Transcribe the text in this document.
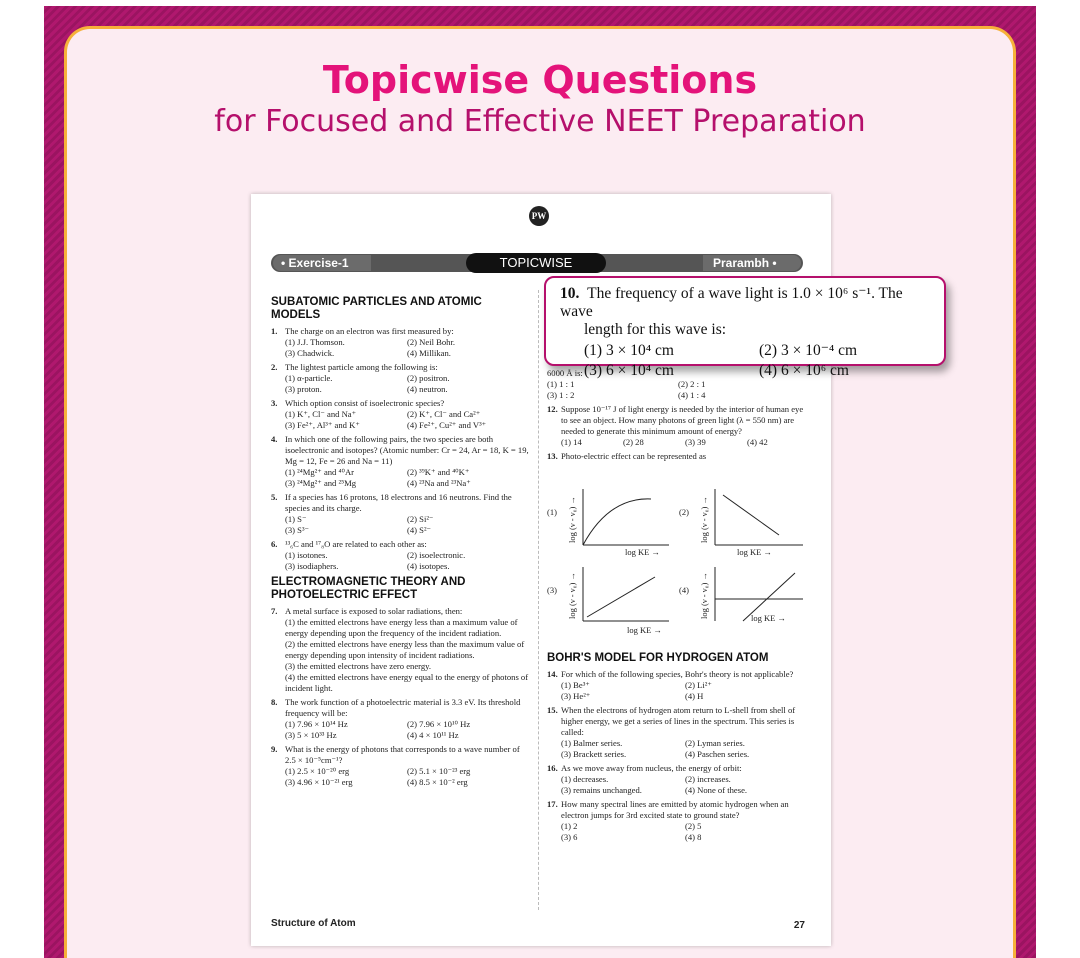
Topicwise Questions
for Focused and Effective NEET Preparation
PW
• Exercise-1	TOPICWISE	Prarambh •
SUBATOMIC PARTICLES AND ATOMIC MODELS
1. The charge on an electron was first measured by:
(1) J.J. Thomson.	(2) Neil Bohr.
(3) Chadwick.	(4) Millikan.
2. The lightest particle among the following is:
(1) α-particle.	(2) positron.
(3) proton.	(4) neutron.
3. Which option consist of isoelectronic species?
(1) K⁺, Cl⁻ and Na⁺	(2) K⁺, Cl⁻ and Ca²⁺
(3) Fe²⁺, Al³⁺ and K⁺	(4) Fe²⁺, Cu²⁺ and V³⁺
4. In which one of the following pairs, the two species are both isoelectronic and isotopes? (Atomic number: Cr = 24, Ar = 18, K = 19, Mg = 12, Fe = 26 and Na = 11)
(1) ²⁴Mg²⁺ and ⁴⁰Ar	(2) ³⁹K⁺ and ⁴⁰K⁺
(3) ²⁴Mg²⁺ and ²⁵Mg	(4) ²³Na and ²³Na⁺
5. If a species has 16 protons, 18 electrons and 16 neutrons. Find the species and its charge.
(1) S⁻	(2) Si²⁻
(3) S³⁻	(4) S²⁻
6. ¹³₆C and ¹⁷₈O are related to each other as:
(1) isotones.	(2) isoelectronic.
(3) isodiaphers.	(4) isotopes.
ELECTROMAGNETIC THEORY AND PHOTOELECTRIC EFFECT
7. A metal surface is exposed to solar radiations, then:
(1) the emitted electrons have energy less than a maximum value of energy depending upon the frequency of the incident radiation.
(2) the emitted electrons have energy less than the maximum value of energy depending upon intensity of incident radiations.
(3) the emitted electrons have zero energy.
(4) the emitted electrons have energy equal to the energy of photons of incident light.
8. The work function of a photoelectric material is 3.3 eV. Its threshold frequency will be:
(1) 7.96 × 10¹⁴ Hz	(2) 7.96 × 10¹⁰ Hz
(3) 5 × 10³³ Hz	(4) 4 × 10¹¹ Hz
9. What is the energy of photons that corresponds to a wave number of 2.5 × 10⁻⁵cm⁻¹?
(1) 2.5 × 10⁻²⁰ erg	(2) 5.1 × 10⁻²³ erg
(3) 4.96 × 10⁻²¹ erg	(4) 8.5 × 10⁻² erg
6000 Å is:
(1) 1 : 1	(2) 2 : 1
(3) 1 : 2	(4) 1 : 4
12. Suppose 10⁻¹⁷ J of light energy is needed by the interior of human eye to see an object. How many photons of green light (λ = 550 nm) are needed to generate this minimum amount of energy?
(1) 14	(2) 28	(3) 39	(4) 42
13. Photo-electric effect can be represented as
(1)	(2)
(3)	(4)
log (ν - ν₀) →	log (ν - ν₀) →
log (ν - ν₀) →	log (ν - ν₀) →
log KE →	log KE →
log KE →
log KE →
BOHR'S MODEL FOR HYDROGEN ATOM
14. For which of the following species, Bohr's theory is not applicable?
(1) Be³⁺	(2) Li²⁺
(3) He²⁺	(4) H
15. When the electrons of hydrogen atom return to L-shell from shell of higher energy, we get a series of lines in the spectrum. This series is called:
(1) Balmer series.	(2) Lyman series.
(3) Brackett series.	(4) Paschen series.
16. As we move away from nucleus, the energy of orbit:
(1) decreases.	(2) increases.
(3) remains unchanged.	(4) None of these.
17. How many spectral lines are emitted by atomic hydrogen when an electron jumps for 3rd excited state to ground state?
(1) 2	(2) 5
(3) 6	(4) 8
Structure of Atom	27
10. The frequency of a wave light is 1.0 × 10⁶ s⁻¹. The wave
length for this wave is:
(1) 3 × 10⁴ cm	(2) 3 × 10⁻⁴ cm
(3) 6 × 10⁴ cm	(4) 6 × 10⁶ cm
